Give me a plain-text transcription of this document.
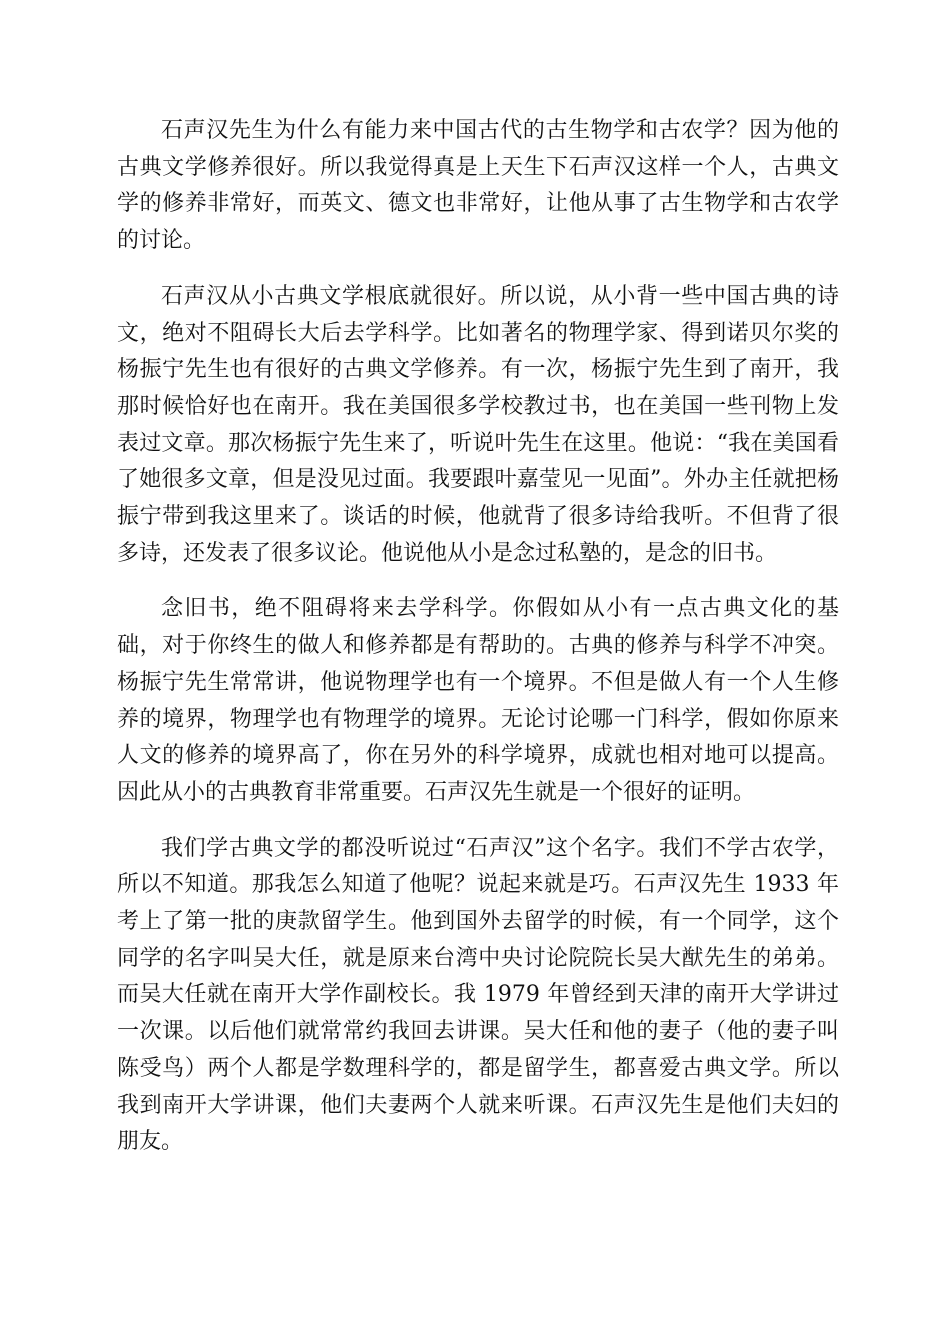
石声汉先生为什么有能力来中国古代的古生物学和古农学？因为他的古典文学修养很好。所以我觉得真是上天生下石声汉这样一个人，古典文学的修养非常好，而英文、德文也非常好，让他从事了古生物学和古农学的讨论。

石声汉从小古典文学根底就很好。所以说，从小背一些中国古典的诗文，绝对不阻碍长大后去学科学。比如著名的物理学家、得到诺贝尔奖的杨振宁先生也有很好的古典文学修养。有一次，杨振宁先生到了南开，我那时候恰好也在南开。我在美国很多学校教过书，也在美国一些刊物上发表过文章。那次杨振宁先生来了，听说叶先生在这里。他说：“我在美国看了她很多文章，但是没见过面。我要跟叶嘉莹见一见面”。外办主任就把杨振宁带到我这里来了。谈话的时候，他就背了很多诗给我听。不但背了很多诗，还发表了很多议论。他说他从小是念过私塾的，是念的旧书。

念旧书，绝不阻碍将来去学科学。你假如从小有一点古典文化的基础，对于你终生的做人和修养都是有帮助的。古典的修养与科学不冲突。杨振宁先生常常讲，他说物理学也有一个境界。不但是做人有一个人生修养的境界，物理学也有物理学的境界。无论讨论哪一门科学，假如你原来人文的修养的境界高了，你在另外的科学境界，成就也相对地可以提高。因此从小的古典教育非常重要。石声汉先生就是一个很好的证明。

我们学古典文学的都没听说过“石声汉”这个名字。我们不学古农学，所以不知道。那我怎么知道了他呢？说起来就是巧。石声汉先生 1933 年考上了第一批的庚款留学生。他到国外去留学的时候，有一个同学，这个同学的名字叫吴大任，就是原来台湾中央讨论院院长吴大猷先生的弟弟。而吴大任就在南开大学作副校长。我 1979 年曾经到天津的南开大学讲过一次课。以后他们就常常约我回去讲课。吴大任和他的妻子（他的妻子叫陈受鸟）两个人都是学数理科学的，都是留学生，都喜爱古典文学。所以我到南开大学讲课，他们夫妻两个人就来听课。石声汉先生是他们夫妇的朋友。
